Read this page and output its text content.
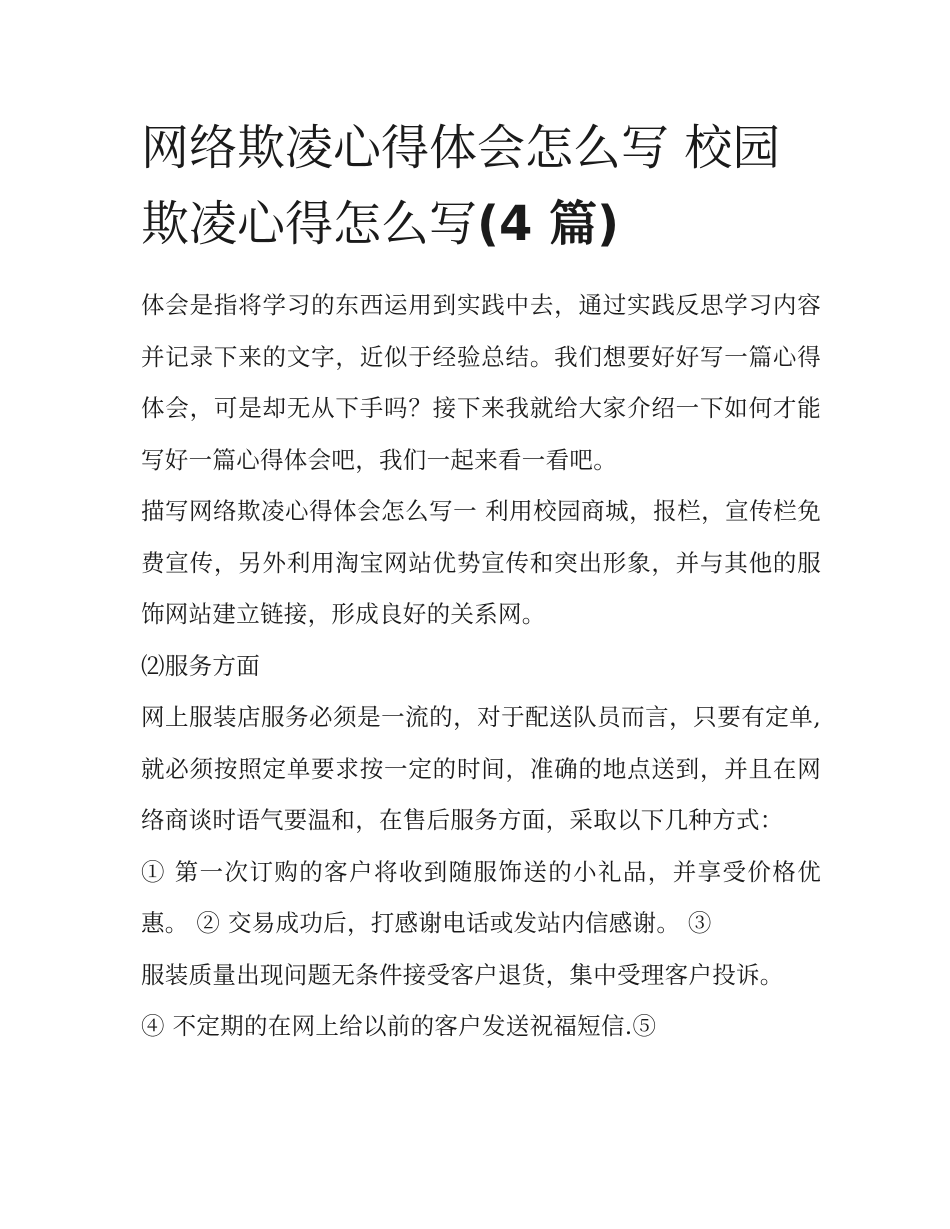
网络欺凌心得体会怎么写 校园欺凌心得怎么写(4 篇)

体会是指将学习的东西运用到实践中去，通过实践反思学习内容并记录下来的文字，近似于经验总结。我们想要好好写一篇心得体会，可是却无从下手吗？接下来我就给大家介绍一下如何才能写好一篇心得体会吧，我们一起来看一看吧。

描写网络欺凌心得体会怎么写一 利用校园商城，报栏，宣传栏免费宣传，另外利用淘宝网站优势宣传和突出形象，并与其他的服饰网站建立链接，形成良好的关系网。

⑵服务方面

网上服装店服务必须是一流的，对于配送队员而言，只要有定单,就必须按照定单要求按一定的时间，准确的地点送到，并且在网络商谈时语气要温和，在售后服务方面，采取以下几种方式：

① 第一次订购的客户将收到随服饰送的小礼品，并享受价格优惠。 ② 交易成功后，打感谢电话或发站内信感谢。 ③

服装质量出现问题无条件接受客户退货，集中受理客户投诉。

④ 不定期的在网上给以前的客户发送祝福短信.⑤
